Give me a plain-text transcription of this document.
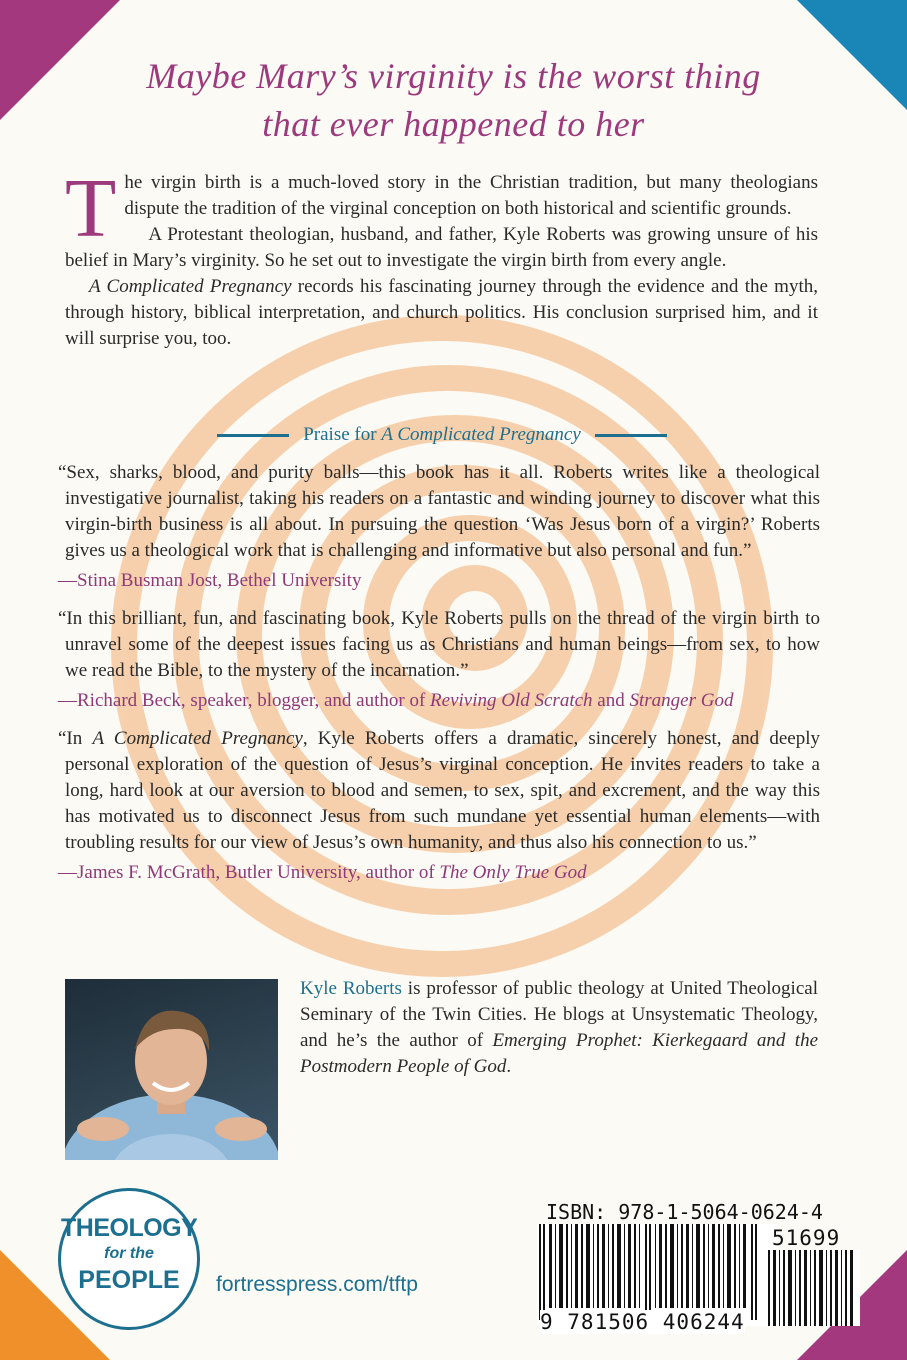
Maybe Mary’s virginity is the worst thing
that ever happened to her

The virgin birth is a much-loved story in the Christian tradition, but many theologians dispute the tradition of the virginal conception on both historical and scientific grounds.

A Protestant theologian, husband, and father, Kyle Roberts was growing unsure of his belief in Mary’s virginity. So he set out to investigate the virgin birth from every angle.

A Complicated Pregnancy records his fascinating journey through the evidence and the myth, through history, biblical interpretation, and church politics. His conclusion surprised him, and it will surprise you, too.

Praise for A Complicated Pregnancy
“Sex, sharks, blood, and purity balls—this book has it all. Roberts writes like a theological investigative journalist, taking his readers on a fantastic and winding journey to discover what this virgin-birth business is all about. In pursuing the question ‘Was Jesus born of a virgin?’ Roberts gives us a theological work that is challenging and informative but also personal and fun.”
—Stina Busman Jost, Bethel University
“In this brilliant, fun, and fascinating book, Kyle Roberts pulls on the thread of the virgin birth to unravel some of the deepest issues facing us as Christians and human beings—from sex, to how we read the Bible, to the mystery of the incarnation.”
—Richard Beck, speaker, blogger, and author of Reviving Old Scratch and Stranger God
“In A Complicated Pregnancy, Kyle Roberts offers a dramatic, sincerely honest, and deeply personal exploration of the question of Jesus’s virginal conception. He invites readers to take a long, hard look at our aversion to blood and semen, to sex, spit, and excrement, and the way this has motivated us to disconnect Jesus from such mundane yet essential human elements—with troubling results for our view of Jesus’s own humanity, and thus also his connection to us.”
—James F. McGrath, Butler University, author of The Only True God
Kyle Roberts is professor of public theology at United Theological Seminary of the Twin Cities. He blogs at Unsystematic Theology, and he’s the author of Emerging Prophet: Kierkegaard and the Postmodern People of God.
THEOLOGY
for the
PEOPLE	fortresspress.com/tftp
ISBN: 978-1-5064-0624-4
51699
9 781506 406244
